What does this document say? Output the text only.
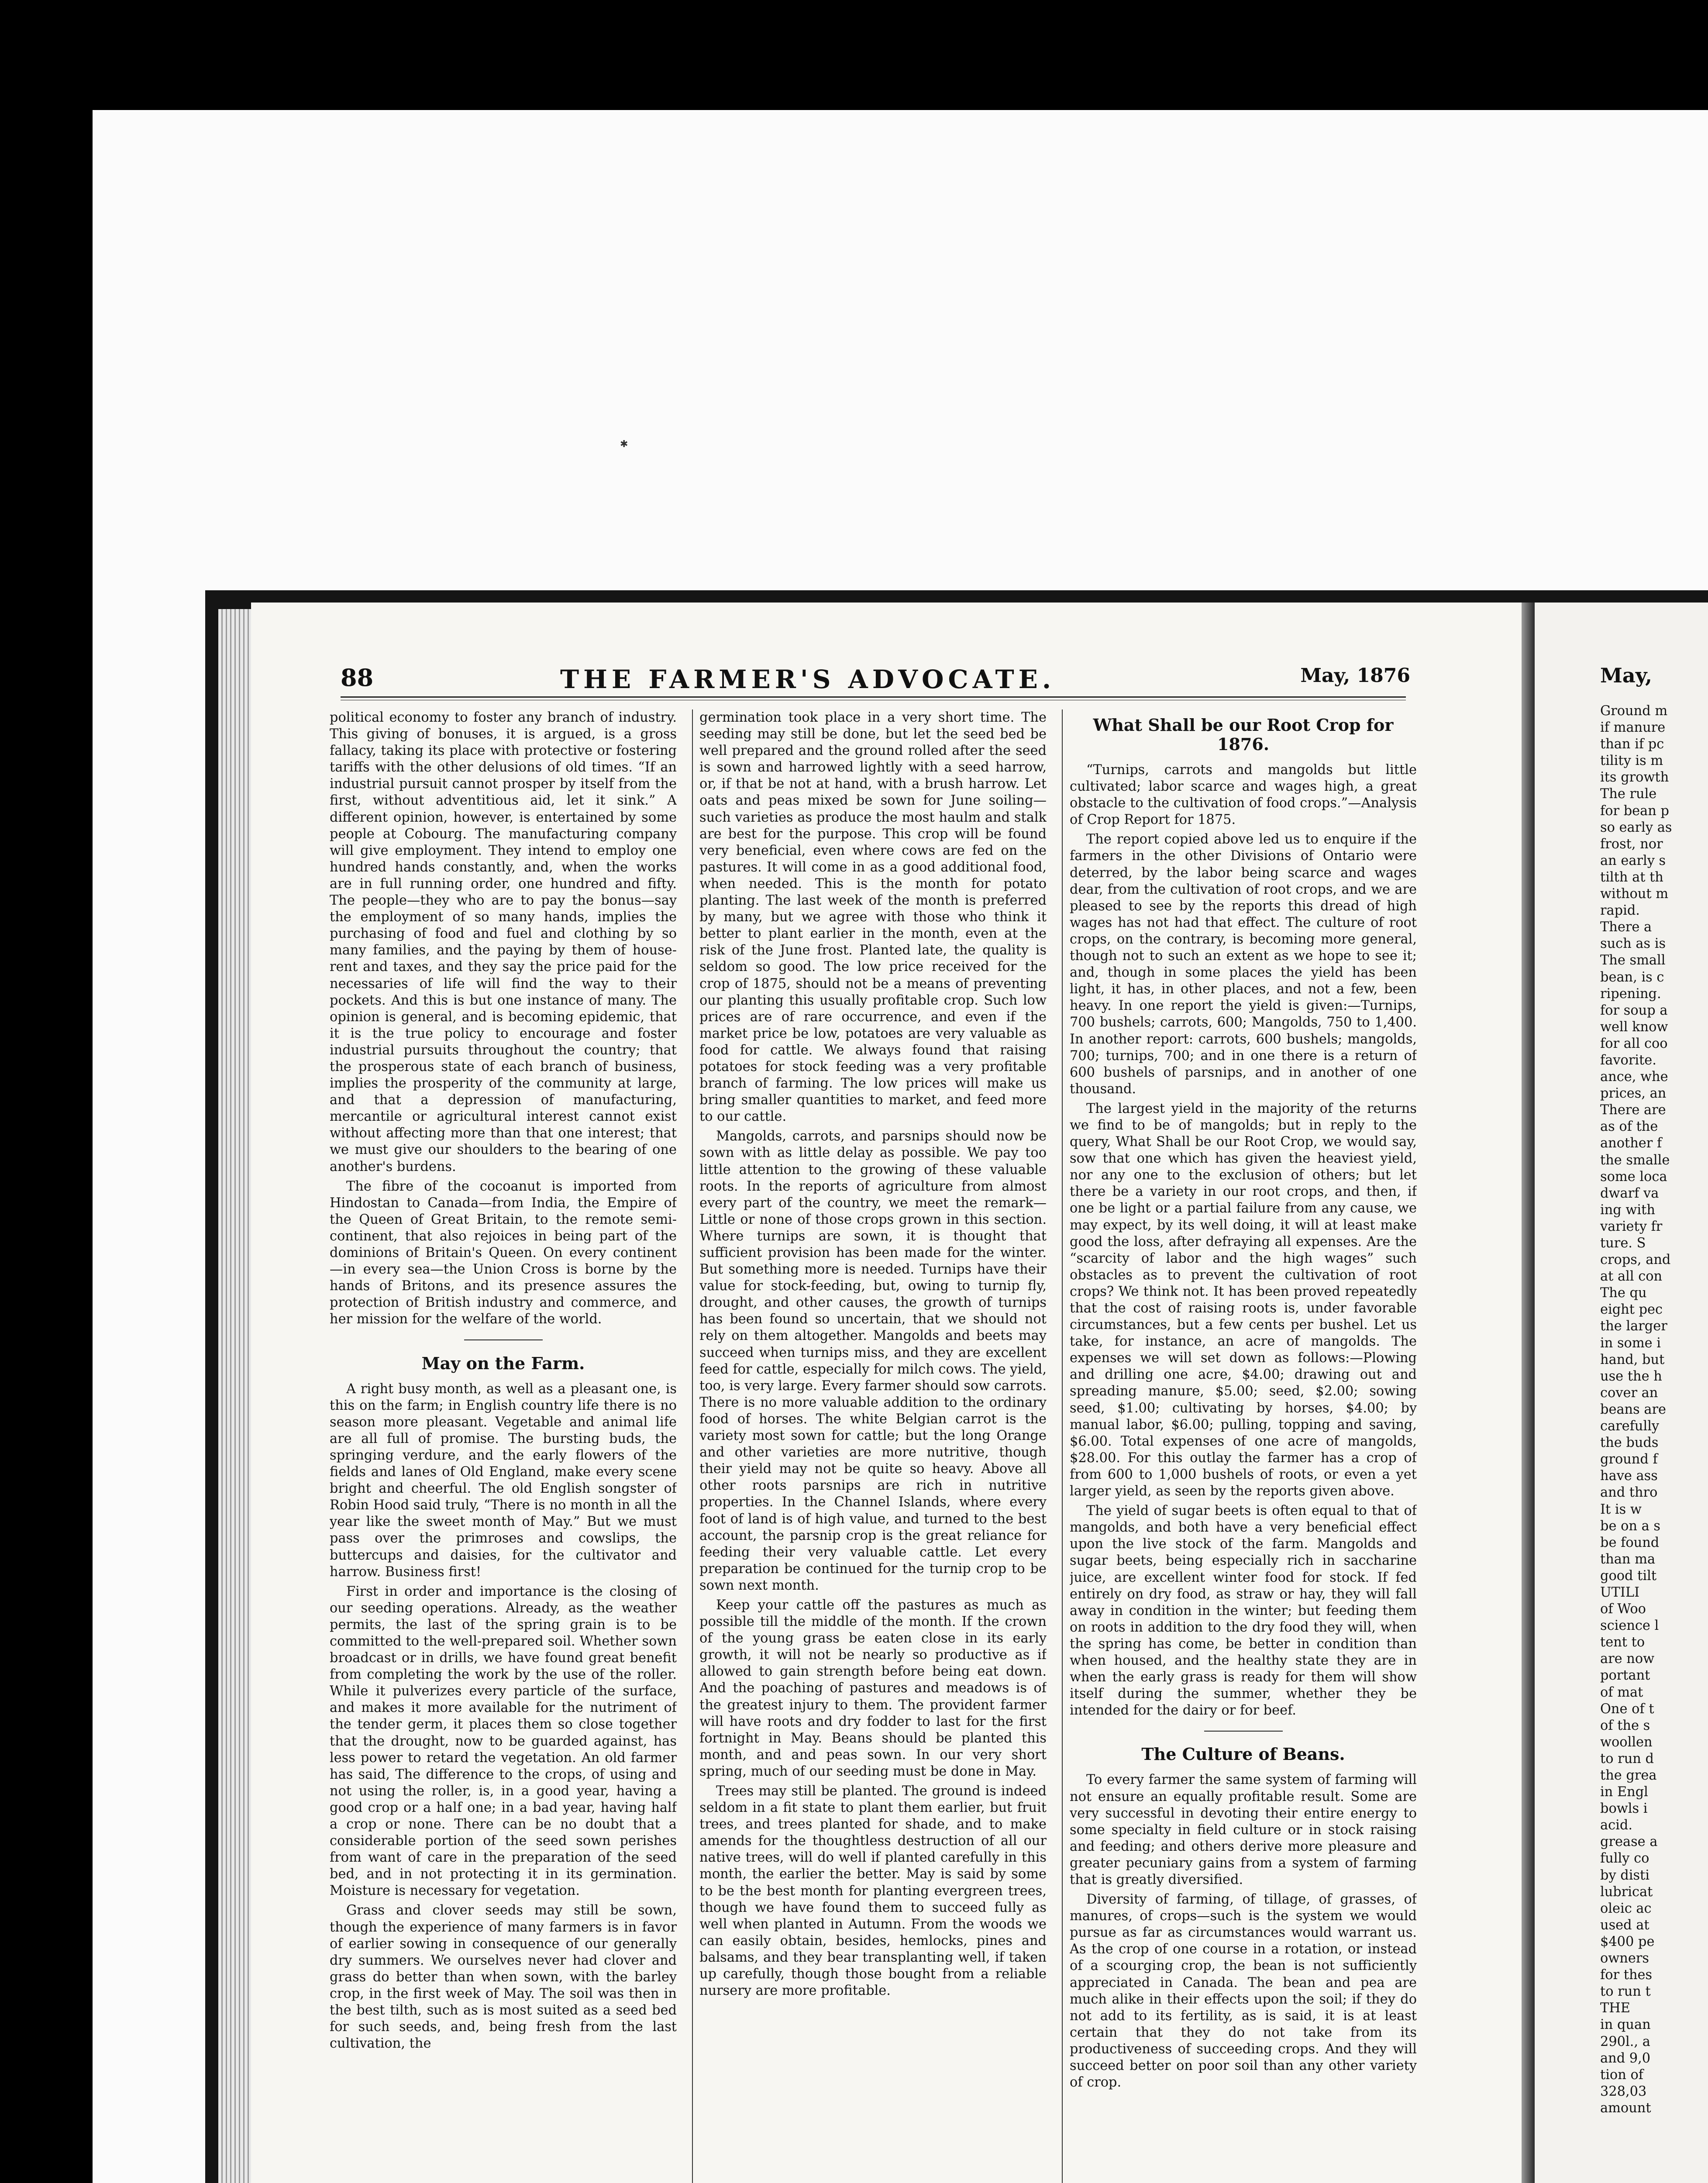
✱
May,
Ground m
if manure
than if pc
tility is m
its growth
The rule
for bean p
so early as
frost, nor
an early s
tilth at th
without m
rapid.
There a
such as is
The small
bean, is c
ripening.
for soup a
well know
for all coo
favorite.
ance, whe
prices, an
There are
as of the
another f
the smalle
some loca
dwarf va
ing with
variety fr
ture. S
crops, and
at all con
The qu
eight pec
the larger
in some i
hand, but
use the h
cover an
beans are
carefully
the buds
ground f
have ass
and thro
It is w
be on a s
be found
than ma
good tilt
UTILI
of Woo
science l
tent to
are now
portant
of mat
One of t
of the s
woollen
to run d
the grea
in Engl
bowls i
acid.
grease a
fully co
by disti
lubricat
oleic ac
used at
$400 pe
owners
for thes
to run t
THE
in quan
290l., a
and 9,0
tion of
328,03
amount
88	THE FARMER'S ADVOCATE.	May, 1876

political economy to foster any branch of industry. This giving of bonuses, it is argued, is a gross fallacy, taking its place with protective or fostering tariffs with the other delusions of old times. “If an industrial pursuit cannot prosper by itself from the first, without adventitious aid, let it sink.” A different opinion, however, is entertained by some people at Cobourg. The manufacturing company will give employment. They intend to employ one hundred hands constantly, and, when the works are in full running order, one hundred and fifty. The people—they who are to pay the bonus—say the employment of so many hands, implies the purchasing of food and fuel and clothing by so many families, and the paying by them of house-rent and taxes, and they say the price paid for the necessaries of life will find the way to their pockets. And this is but one instance of many. The opinion is general, and is becoming epidemic, that it is the true policy to encourage and foster industrial pursuits throughout the country; that the prosperous state of each branch of business, implies the prosperity of the community at large, and that a depression of manufacturing, mercantile or agricultural interest cannot exist without affecting more than that one interest; that we must give our shoulders to the bearing of one another's burdens.

The fibre of the cocoanut is imported from Hindostan to Canada—from India, the Empire of the Queen of Great Britain, to the remote semi-continent, that also rejoices in being part of the dominions of Britain's Queen. On every continent —in every sea—the Union Cross is borne by the hands of Britons, and its presence assures the protection of British industry and commerce, and her mission for the welfare of the world.

May on the Farm.

A right busy month, as well as a pleasant one, is this on the farm; in English country life there is no season more pleasant. Vegetable and animal life are all full of promise. The bursting buds, the springing verdure, and the early flowers of the fields and lanes of Old England, make every scene bright and cheerful. The old English songster of Robin Hood said truly, “There is no month in all the year like the sweet month of May.” But we must pass over the primroses and cowslips, the buttercups and daisies, for the cultivator and harrow. Business first!

First in order and importance is the closing of our seeding operations. Already, as the weather permits, the last of the spring grain is to be committed to the well-prepared soil. Whether sown broadcast or in drills, we have found great benefit from completing the work by the use of the roller. While it pulverizes every particle of the surface, and makes it more available for the nutriment of the tender germ, it places them so close together that the drought, now to be guarded against, has less power to retard the vegetation. An old farmer has said, The difference to the crops, of using and not using the roller, is, in a good year, having a good crop or a half one; in a bad year, having half a crop or none. There can be no doubt that a considerable portion of the seed sown perishes from want of care in the preparation of the seed bed, and in not protecting it in its germination. Moisture is necessary for vegetation.

Grass and clover seeds may still be sown, though the experience of many farmers is in favor of earlier sowing in consequence of our generally dry summers. We ourselves never had clover and grass do better than when sown, with the barley crop, in the first week of May. The soil was then in the best tilth, such as is most suited as a seed bed for such seeds, and, being fresh from the last cultivation, the

germination took place in a very short time. The seeding may still be done, but let the seed bed be well prepared and the ground rolled after the seed is sown and harrowed lightly with a seed harrow, or, if that be not at hand, with a brush harrow. Let oats and peas mixed be sown for June soiling—such varieties as produce the most haulm and stalk are best for the purpose. This crop will be found very beneficial, even where cows are fed on the pastures. It will come in as a good additional food, when needed. This is the month for potato planting. The last week of the month is preferred by many, but we agree with those who think it better to plant earlier in the month, even at the risk of the June frost. Planted late, the quality is seldom so good. The low price received for the crop of 1875, should not be a means of preventing our planting this usually profitable crop. Such low prices are of rare occurrence, and even if the market price be low, potatoes are very valuable as food for cattle. We always found that raising potatoes for stock feeding was a very profitable branch of farming. The low prices will make us bring smaller quantities to market, and feed more to our cattle.

Mangolds, carrots, and parsnips should now be sown with as little delay as possible. We pay too little attention to the growing of these valuable roots. In the reports of agriculture from almost every part of the country, we meet the remark—Little or none of those crops grown in this section. Where turnips are sown, it is thought that sufficient provision has been made for the winter. But something more is needed. Turnips have their value for stock-feeding, but, owing to turnip fly, drought, and other causes, the growth of turnips has been found so uncertain, that we should not rely on them altogether. Mangolds and beets may succeed when turnips miss, and they are excellent feed for cattle, especially for milch cows. The yield, too, is very large. Every farmer should sow carrots. There is no more valuable addition to the ordinary food of horses. The white Belgian carrot is the variety most sown for cattle; but the long Orange and other varieties are more nutritive, though their yield may not be quite so heavy. Above all other roots parsnips are rich in nutritive properties. In the Channel Islands, where every foot of land is of high value, and turned to the best account, the parsnip crop is the great reliance for feeding their very valuable cattle. Let every preparation be continued for the turnip crop to be sown next month.

Keep your cattle off the pastures as much as possible till the middle of the month. If the crown of the young grass be eaten close in its early growth, it will not be nearly so productive as if allowed to gain strength before being eat down. And the poaching of pastures and meadows is of the greatest injury to them. The provident farmer will have roots and dry fodder to last for the first fortnight in May. Beans should be planted this month, and and peas sown. In our very short spring, much of our seeding must be done in May.

Trees may still be planted. The ground is indeed seldom in a fit state to plant them earlier, but fruit trees, and trees planted for shade, and to make amends for the thoughtless destruction of all our native trees, will do well if planted carefully in this month, the earlier the better. May is said by some to be the best month for planting evergreen trees, though we have found them to succeed fully as well when planted in Autumn. From the woods we can easily obtain, besides, hemlocks, pines and balsams, and they bear transplanting well, if taken up carefully, though those bought from a reliable nursery are more profitable.

What Shall be our Root Crop for 1876.

“Turnips, carrots and mangolds but little cultivated; labor scarce and wages high, a great obstacle to the cultivation of food crops.”—Analysis of Crop Report for 1875.

The report copied above led us to enquire if the farmers in the other Divisions of Ontario were deterred, by the labor being scarce and wages dear, from the cultivation of root crops, and we are pleased to see by the reports this dread of high wages has not had that effect. The culture of root crops, on the contrary, is becoming more general, though not to such an extent as we hope to see it; and, though in some places the yield has been light, it has, in other places, and not a few, been heavy. In one report the yield is given:—Turnips, 700 bushels; carrots, 600; Mangolds, 750 to 1,400. In another report: carrots, 600 bushels; mangolds, 700; turnips, 700; and in one there is a return of 600 bushels of parsnips, and in another of one thousand.

The largest yield in the majority of the returns we find to be of mangolds; but in reply to the query, What Shall be our Root Crop, we would say, sow that one which has given the heaviest yield, nor any one to the exclusion of others; but let there be a variety in our root crops, and then, if one be light or a partial failure from any cause, we may expect, by its well doing, it will at least make good the loss, after defraying all expenses. Are the “scarcity of labor and the high wages” such obstacles as to prevent the cultivation of root crops? We think not. It has been proved repeatedly that the cost of raising roots is, under favorable circumstances, but a few cents per bushel. Let us take, for instance, an acre of mangolds. The expenses we will set down as follows:—Plowing and drilling one acre, $4.00; drawing out and spreading manure, $5.00; seed, $2.00; sowing seed, $1.00; cultivating by horses, $4.00; by manual labor, $6.00; pulling, topping and saving, $6.00. Total expenses of one acre of mangolds, $28.00. For this outlay the farmer has a crop of from 600 to 1,000 bushels of roots, or even a yet larger yield, as seen by the reports given above.

The yield of sugar beets is often equal to that of mangolds, and both have a very beneficial effect upon the live stock of the farm. Mangolds and sugar beets, being especially rich in saccharine juice, are excellent winter food for stock. If fed entirely on dry food, as straw or hay, they will fall away in condition in the winter; but feeding them on roots in addition to the dry food they will, when the spring has come, be better in condition than when housed, and the healthy state they are in when the early grass is ready for them will show itself during the summer, whether they be intended for the dairy or for beef.

The Culture of Beans.

To every farmer the same system of farming will not ensure an equally profitable result. Some are very successful in devoting their entire energy to some specialty in field culture or in stock raising and feeding; and others derive more pleasure and greater pecuniary gains from a system of farming that is greatly diversified.

Diversity of farming, of tillage, of grasses, of manures, of crops—such is the system we would pursue as far as circumstances would warrant us. As the crop of one course in a rotation, or instead of a scourging crop, the bean is not sufficiently appreciated in Canada. The bean and pea are much alike in their effects upon the soil; if they do not add to its fertility, as is said, it is at least certain that they do not take from its productiveness of succeeding crops. And they will succeed better on poor soil than any other variety of crop.
